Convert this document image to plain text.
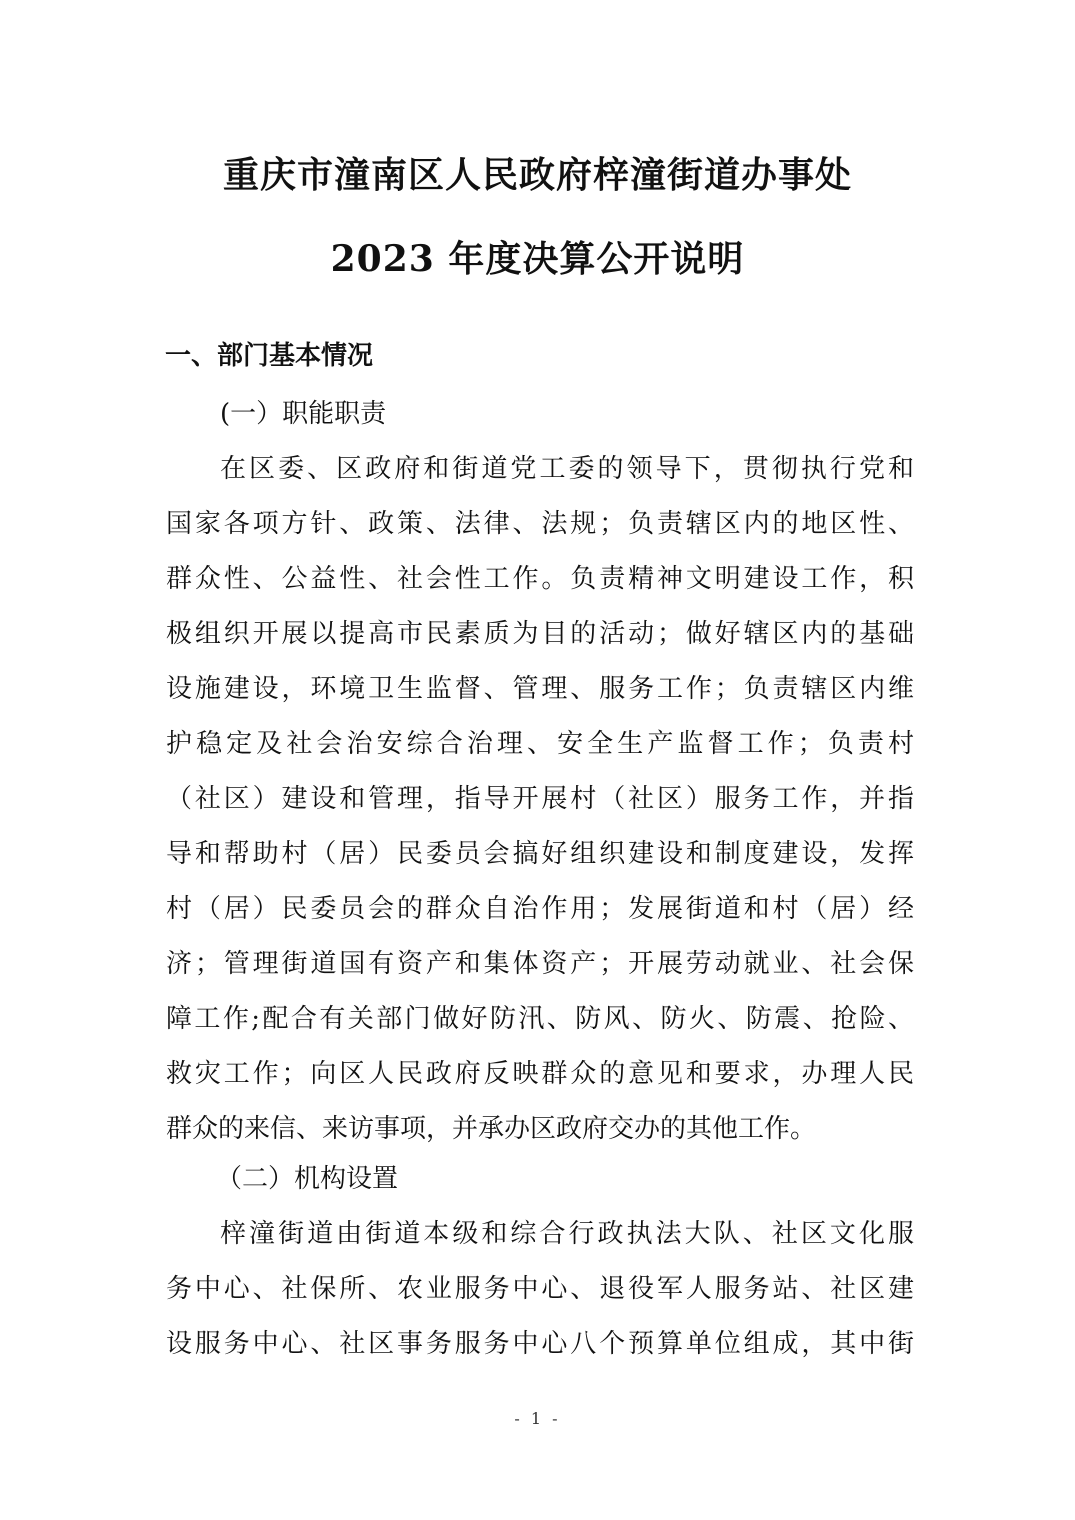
重庆市潼南区人民政府梓潼街道办事处
2023 年度决算公开说明
一、部门基本情况
(一）职能职责
在区委、区政府和街道党工委的领导下，贯彻执行党和
国家各项方针、政策、法律、法规；负责辖区内的地区性、
群众性、公益性、社会性工作。负责精神文明建设工作，积
极组织开展以提高市民素质为目的活动；做好辖区内的基础
设施建设，环境卫生监督、管理、服务工作；负责辖区内维
护稳定及社会治安综合治理、安全生产监督工作；负责村
（社区）建设和管理，指导开展村（社区）服务工作，并指
导和帮助村（居）民委员会搞好组织建设和制度建设，发挥
村（居）民委员会的群众自治作用；发展街道和村（居）经
济；管理街道国有资产和集体资产；开展劳动就业、社会保
障工作;配合有关部门做好防汛、防风、防火、防震、抢险、
救灾工作；向区人民政府反映群众的意见和要求，办理人民
群众的来信、来访事项，并承办区政府交办的其他工作。
（二）机构设置
梓潼街道由街道本级和综合行政执法大队、社区文化服
务中心、社保所、农业服务中心、退役军人服务站、社区建
设服务中心、社区事务服务中心八个预算单位组成，其中街
- 1 -
